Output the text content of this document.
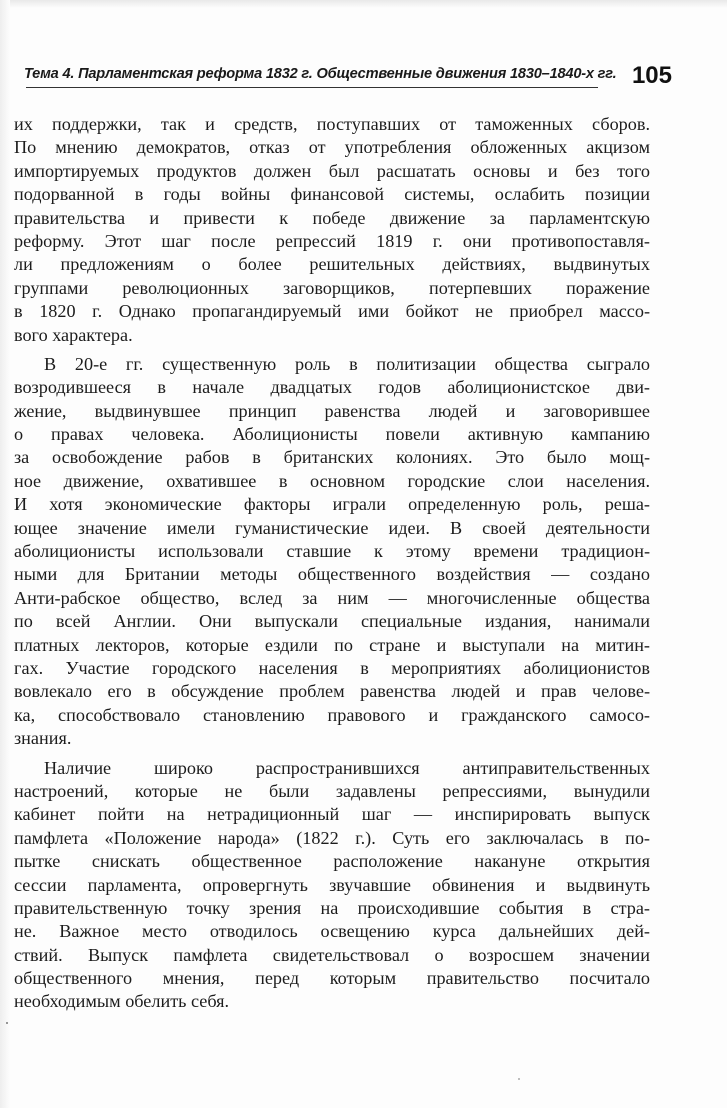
Тема 4. Парламентская реформа 1832 г. Общественные движения 1830–1840-х гг. 105
их поддержки, так и средств, поступавших от таможенных сборов.
По мнению демократов, отказ от употребления обложенных акцизом
импортируемых продуктов должен был расшатать основы и без того
подорванной в годы войны финансовой системы, ослабить позиции
правительства и привести к победе движение за парламентскую
реформу. Этот шаг после репрессий 1819 г. они противопоставля-
ли предложениям о более решительных действиях, выдвинутых
группами революционных заговорщиков, потерпевших поражение
в 1820 г. Однако пропагандируемый ими бойкот не приобрел массо-
вого характера.
В 20-е гг. существенную роль в политизации общества сыграло
возродившееся в начале двадцатых годов аболиционистское дви-
жение, выдвинувшее принцип равенства людей и заговорившее
о правах человека. Аболиционисты повели активную кампанию
за освобождение рабов в британских колониях. Это было мощ-
ное движение, охватившее в основном городские слои населения.
И хотя экономические факторы играли определенную роль, реша-
ющее значение имели гуманистические идеи. В своей деятельности
аболиционисты использовали ставшие к этому времени традицион-
ными для Британии методы общественного воздействия — создано
Анти-рабское общество, вслед за ним — многочисленные общества
по всей Англии. Они выпускали специальные издания, нанимали
платных лекторов, которые ездили по стране и выступали на митин-
гах. Участие городского населения в мероприятиях аболиционистов
вовлекало его в обсуждение проблем равенства людей и прав челове-
ка, способствовало становлению правового и гражданского самосо-
знания.
Наличие широко распространившихся антиправительственных
настроений, которые не были задавлены репрессиями, вынудили
кабинет пойти на нетрадиционный шаг — инспирировать выпуск
памфлета «Положение народа» (1822 г.). Суть его заключалась в по-
пытке снискать общественное расположение накануне открытия
сессии парламента, опровергнуть звучавшие обвинения и выдвинуть
правительственную точку зрения на происходившие события в стра-
не. Важное место отводилось освещению курса дальнейших дей-
ствий. Выпуск памфлета свидетельствовал о возросшем значении
общественного мнения, перед которым правительство посчитало
необходимым обелить себя.
